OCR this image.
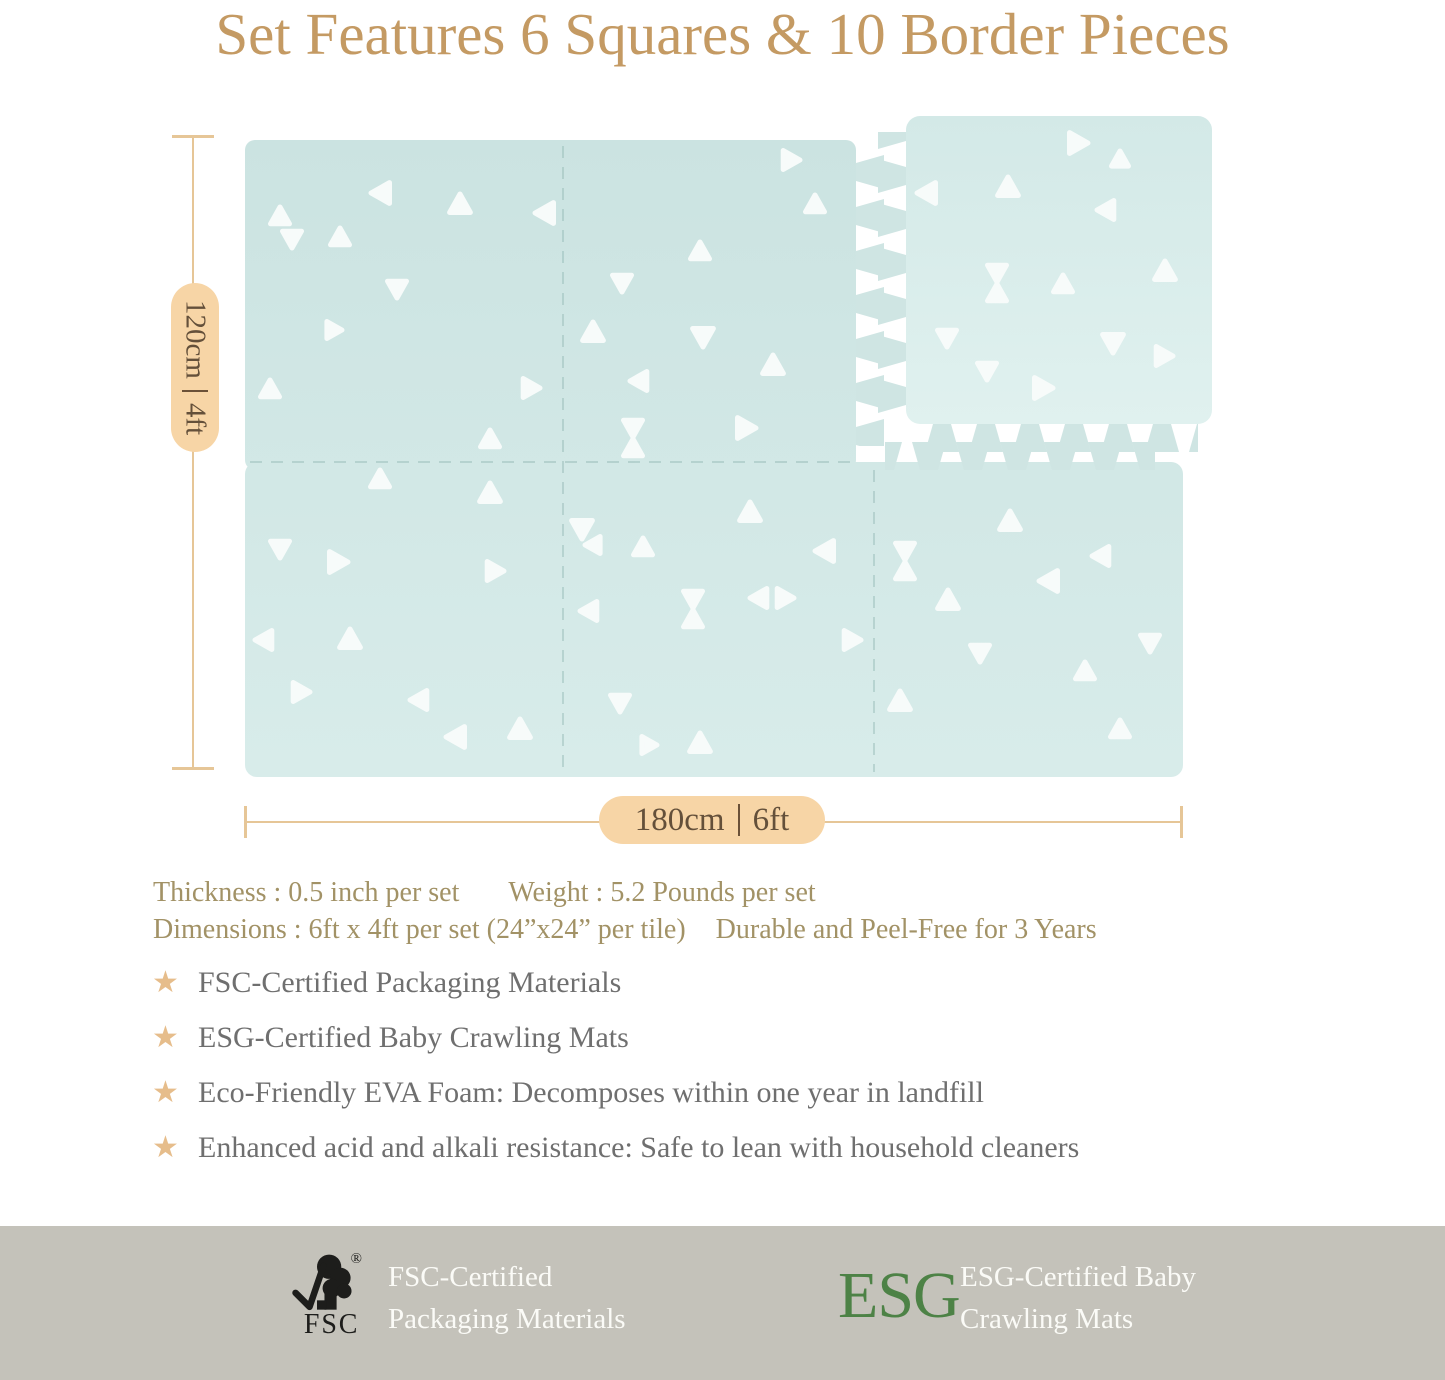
Set Features 6 Squares & 10 Border Pieces
120cm
4ft
180cm 6ft
Thickness : 0.5 inch per set Weight : 5.2 Pounds per set
Dimensions : 6ft x 4ft per set (24”x24” per tile) Durable and Peel-Free for 3 Years
★ FSC-Certified Packaging Materials
★ ESG-Certified Baby Crawling Mats
★ Eco-Friendly EVA Foam: Decomposes within one year in landfill
★ Enhanced acid and alkali resistance: Safe to lean with household cleaners
®
FSC
FSC-Certified
Packaging Materials	ESG ESG-Certified Baby
Crawling Mats
